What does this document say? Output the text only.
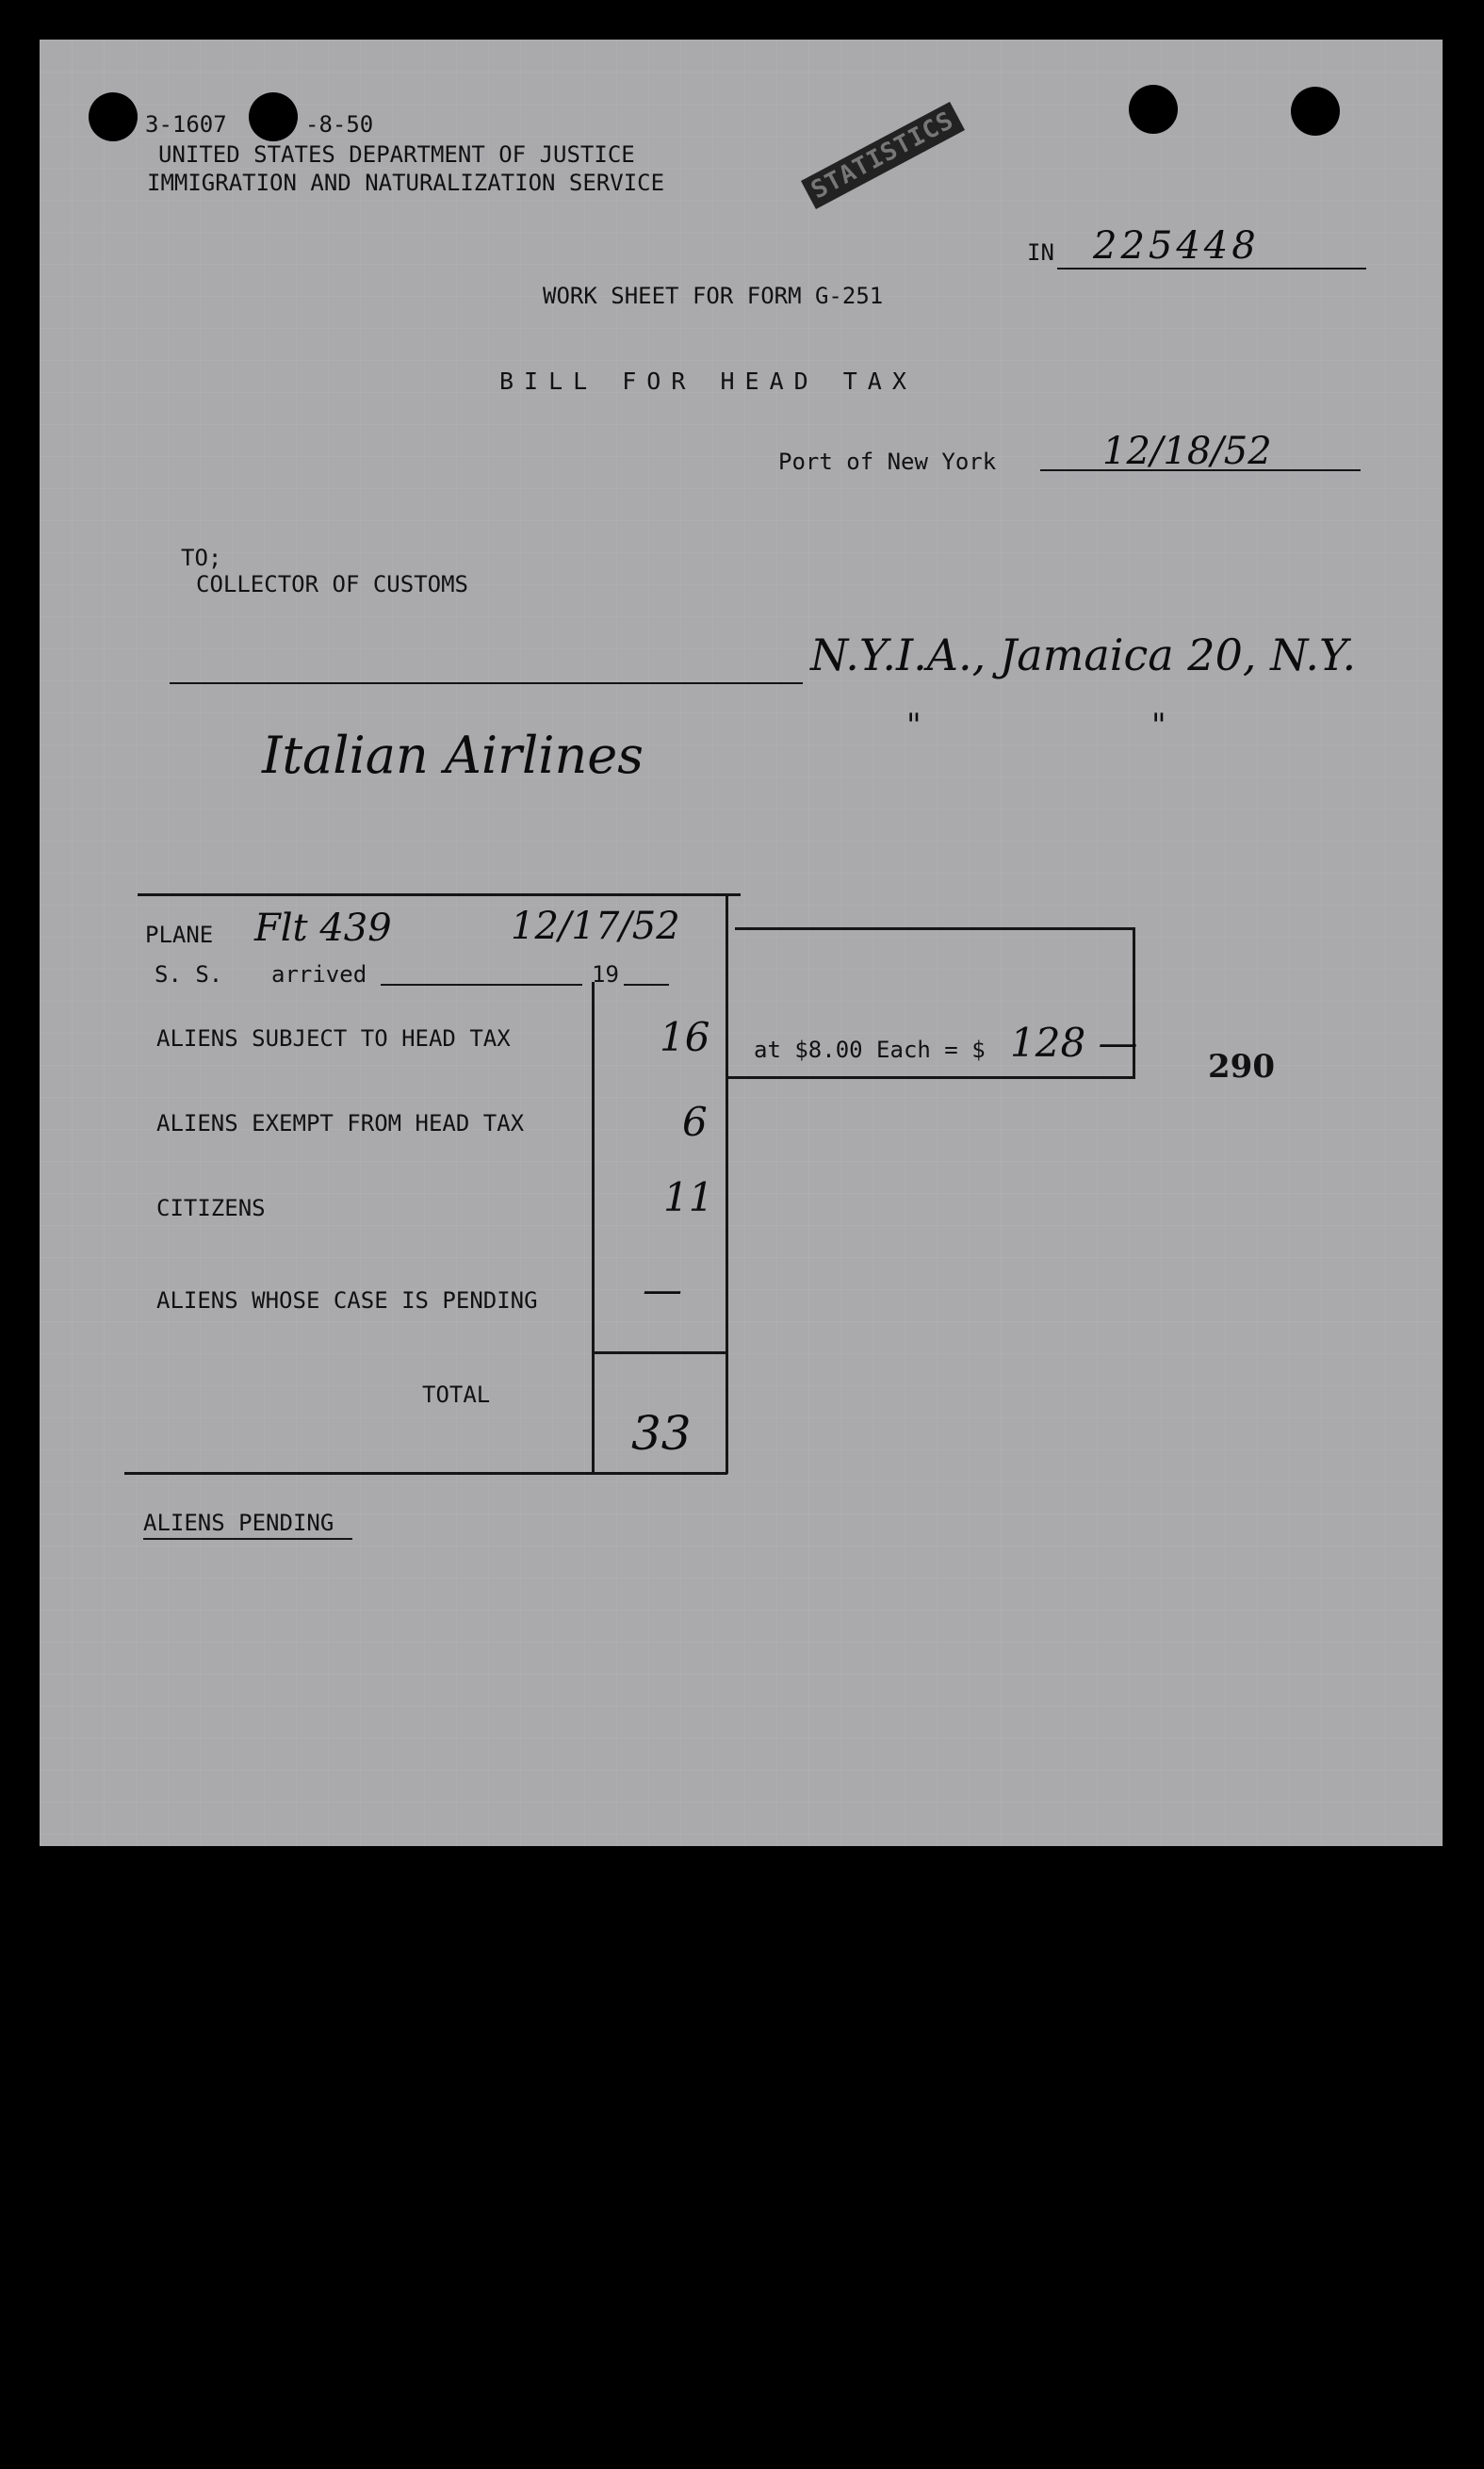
3-1607	-8-50
UNITED STATES DEPARTMENT OF JUSTICE
IMMIGRATION AND NATURALIZATION SERVICE	STATISTICS
IN 225448
WORK SHEET FOR FORM G-251
BILL FOR HEAD TAX
Port of New York	12/18/52
TO;
COLLECTOR OF CUSTOMS
N.Y.I.A., Jamaica 20, N.Y.
"	"
Italian Airlines
PLANE Flt 439	12/17/52
S. S. arrived	19
ALIENS SUBJECT TO HEAD TAX	16
ALIENS EXEMPT FROM HEAD TAX	6
CITIZENS	11
ALIENS WHOSE CASE IS PENDING	—
TOTAL
33
at $8.00 Each = $ 128 —
290
ALIENS PENDING
